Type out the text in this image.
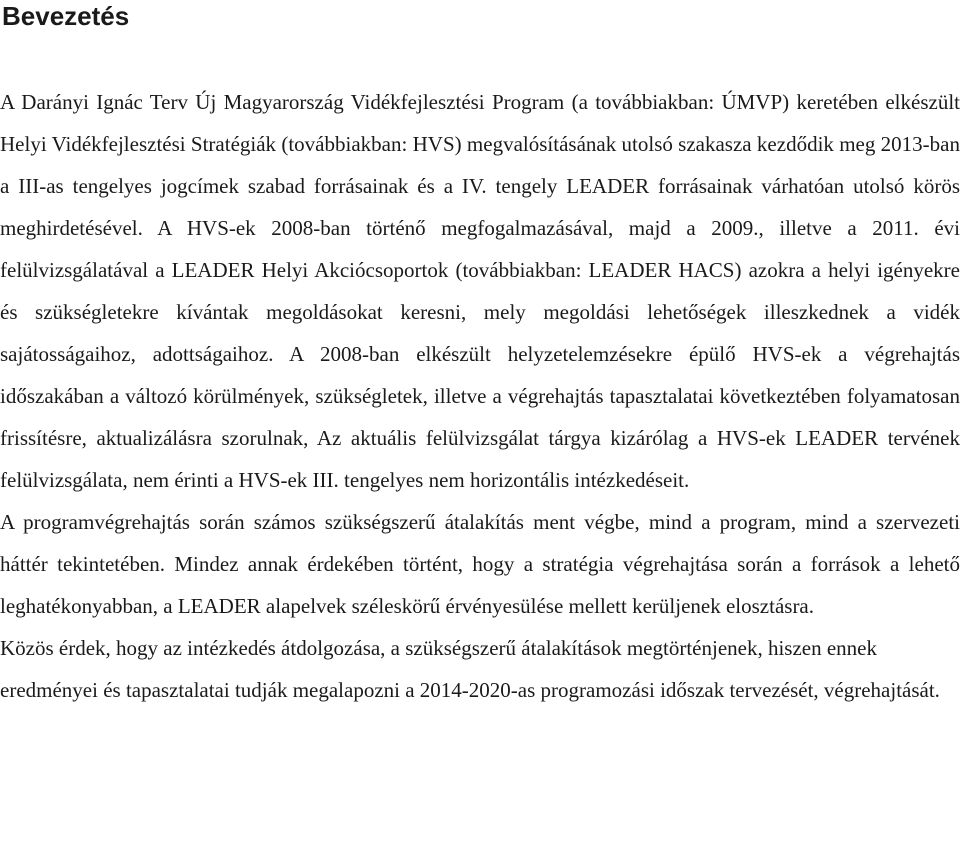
Bevezetés

A Darányi Ignác Terv Új Magyarország Vidékfejlesztési Program (a továbbiakban: ÚMVP) keretében elkészült Helyi Vidékfejlesztési Stratégiák (továbbiakban: HVS) megvalósításának utolsó szakasza kezdődik meg 2013-ban a III-as tengelyes jogcímek szabad forrásainak és a IV. tengely LEADER forrásainak várhatóan utolsó körös meghirdetésével. A HVS-ek 2008-ban történő megfogalmazásával, majd a 2009., illetve a 2011. évi felülvizsgálatával a LEADER Helyi Akciócsoportok (továbbiakban: LEADER HACS) azokra a helyi igényekre és szükségletekre kívántak megoldásokat keresni, mely megoldási lehetőségek illeszkednek a vidék sajátosságaihoz, adottságaihoz. A 2008-ban elkészült helyzetelemzésekre épülő HVS-ek a végrehajtás időszakában a változó körülmények, szükségletek, illetve a végrehajtás tapasztalatai következtében folyamatosan frissítésre, aktualizálásra szorulnak, Az aktuális felülvizsgálat tárgya kizárólag a HVS-ek LEADER tervének felülvizsgálata, nem érinti a HVS-ek III. tengelyes nem horizontális intézkedéseit.

A programvégrehajtás során számos szükségszerű átalakítás ment végbe, mind a program, mind a szervezeti háttér tekintetében. Mindez annak érdekében történt, hogy a stratégia végrehajtása során a források a lehető leghatékonyabban, a LEADER alapelvek széleskörű érvényesülése mellett kerüljenek elosztásra.

Közös érdek, hogy az intézkedés átdolgozása, a szükségszerű átalakítások megtörténjenek, hiszen ennek eredményei és tapasztalatai tudják megalapozni a 2014-2020-as programozási időszak tervezését, végrehajtását.
